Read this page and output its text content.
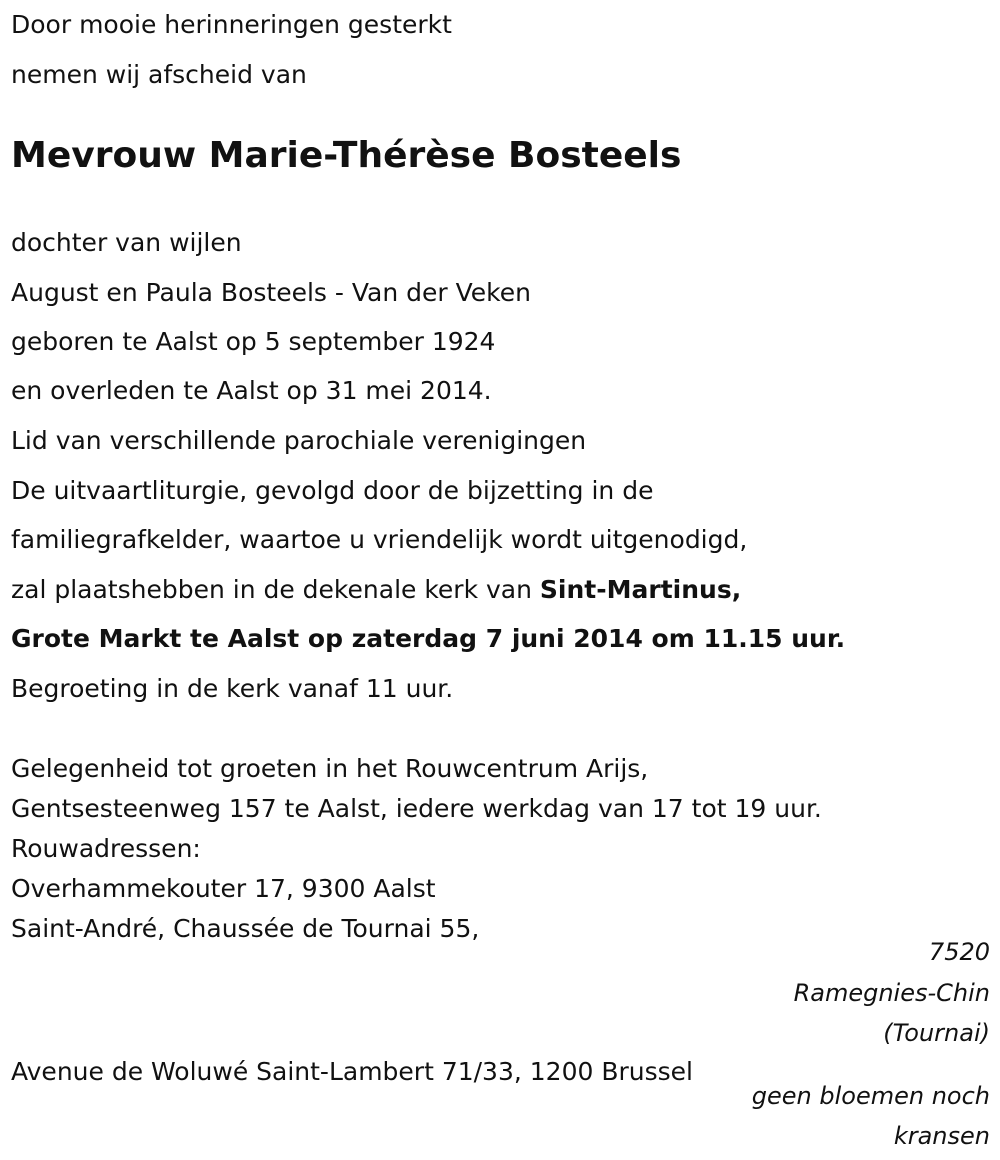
Door mooie herinneringen gesterkt

nemen wij afscheid van

Mevrouw Marie-Thérèse Bosteels

dochter van wijlen

August en Paula Bosteels - Van der Veken

geboren te Aalst op 5 september 1924

en overleden te Aalst op 31 mei 2014.

Lid van verschillende parochiale verenigingen

De uitvaartliturgie, gevolgd door de bijzetting in de

familiegrafkelder, waartoe u vriendelijk wordt uitgenodigd,

zal plaatshebben in de dekenale kerk van Sint-Martinus,

Grote Markt te Aalst op zaterdag 7 juni 2014 om 11.15 uur.

Begroeting in de kerk vanaf 11 uur.

Gelegenheid tot groeten in het Rouwcentrum Arijs,

Gentsesteenweg 157 te Aalst, iedere werkdag van 17 tot 19 uur.

Rouwadressen:

Overhammekouter 17, 9300 Aalst

Saint-André, Chaussée de Tournai 55,

7520

Ramegnies-Chin

(Tournai)

Avenue de Woluwé Saint-Lambert 71/33, 1200 Brussel

geen bloemen noch

kransen
